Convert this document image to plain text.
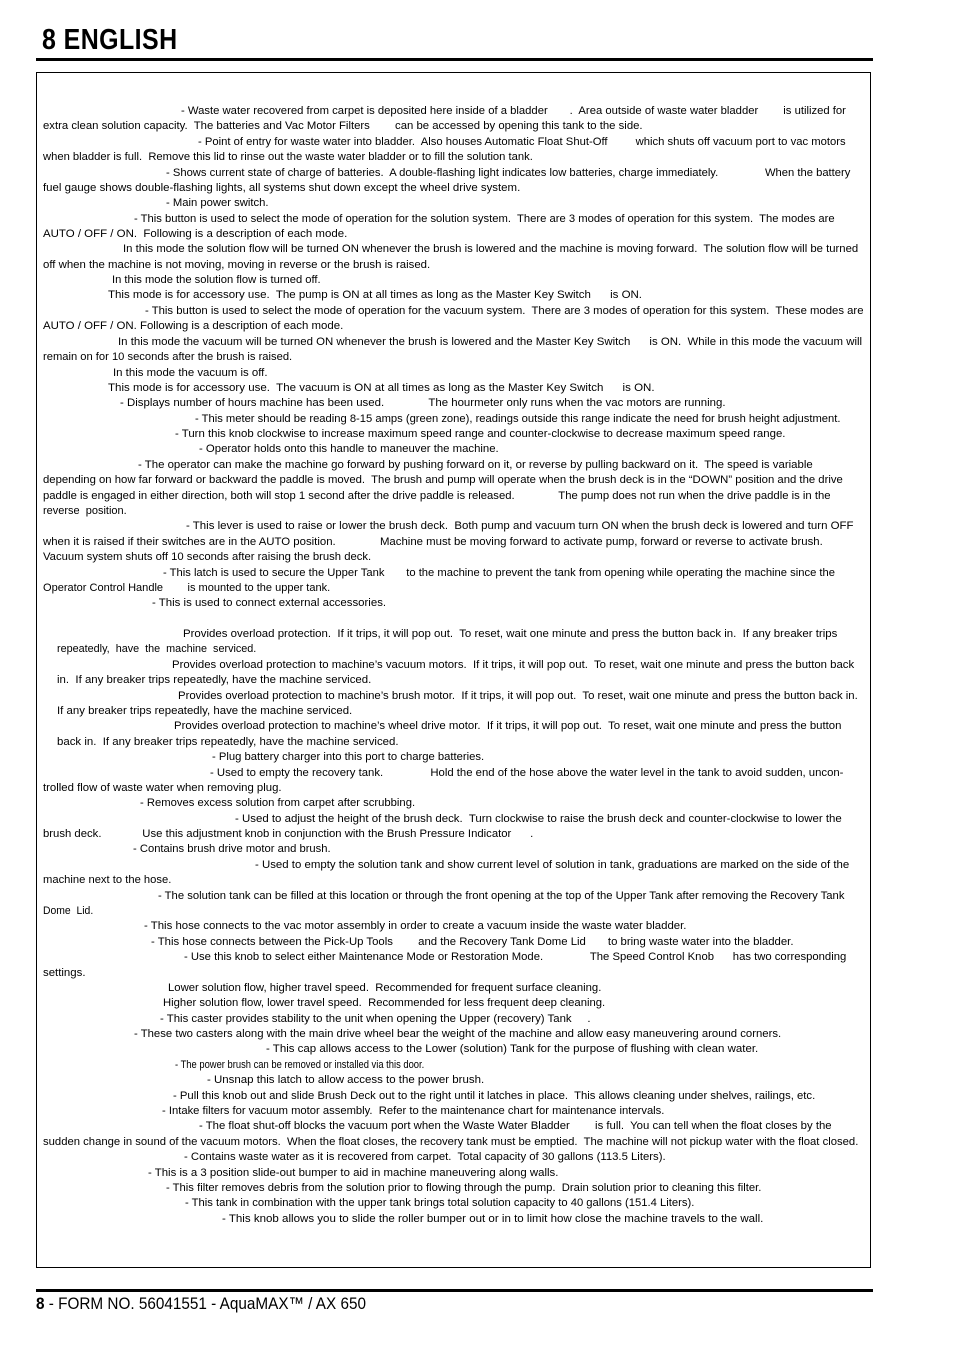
8 ENGLISH
- Waste water recovered from carpet is deposited here inside of a bladder       .  Area outside of waste water bladder        is utilized for
extra clean solution capacity.  The batteries and Vac Motor Filters        can be accessed by opening this tank to the side.
- Point of entry for waste water into bladder.  Also houses Automatic Float Shut-Off         which shuts off vacuum port to vac motors
when bladder is full.  Remove this lid to rinse out the waste water bladder or to fill the solution tank.
- Shows current state of charge of batteries.  A double-flashing light indicates low batteries, charge immediately.               When the battery
fuel gauge shows double-flashing lights, all systems shut down except the wheel drive system.
- Main power switch.
- This button is used to select the mode of operation for the solution system.  There are 3 modes of operation for this system.  The modes are
AUTO / OFF / ON.  Following is a description of each mode.
In this mode the solution flow will be turned ON whenever the brush is lowered and the machine is moving forward.  The solution flow will be turned
off when the machine is not moving, moving in reverse or the brush is raised.
In this mode the solution flow is turned off.
This mode is for accessory use.  The pump is ON at all times as long as the Master Key Switch      is ON.
- This button is used to select the mode of operation for the vacuum system.  There are 3 modes of operation for this system.  These modes are
AUTO / OFF / ON. Following is a description of each mode.
In this mode the vacuum will be turned ON whenever the brush is lowered and the Master Key Switch      is ON.  While in this mode the vacuum will
remain on for 10 seconds after the brush is raised.
In this mode the vacuum is off.
This mode is for accessory use.  The vacuum is ON at all times as long as the Master Key Switch      is ON.
- Displays number of hours machine has been used.              The hourmeter only runs when the vac motors are running.
- This meter should be reading 8-15 amps (green zone), readings outside this range indicate the need for brush height adjustment.
- Turn this knob clockwise to increase maximum speed range and counter-clockwise to decrease maximum speed range.
- Operator holds onto this handle to maneuver the machine.
- The operator can make the machine go forward by pushing forward on it, or reverse by pulling backward on it.  The speed is variable
depending on how far forward or backward the paddle is moved.  The brush and pump will operate when the brush deck is in the “DOWN” position and the drive
paddle is engaged in either direction, both will stop 1 second after the drive paddle is released.              The pump does not run when the drive paddle is in the
reverse  position.
- This lever is used to raise or lower the brush deck.  Both pump and vacuum turn ON when the brush deck is lowered and turn OFF
when it is raised if their switches are in the AUTO position.              Machine must be moving forward to activate pump, forward or reverse to activate brush.
Vacuum system shuts off 10 seconds after raising the brush deck.
- This latch is used to secure the Upper Tank       to the machine to prevent the tank from opening while operating the machine since the
Operator Control Handle        is mounted to the upper tank.
- This is used to connect external accessories.
Provides overload protection.  If it trips, it will pop out.  To reset, wait one minute and press the button back in.  If any breaker trips
repeatedly,  have  the  machine  serviced.
Provides overload protection to machine’s vacuum motors.  If it trips, it will pop out.  To reset, wait one minute and press the button back
in.  If any breaker trips repeatedly, have the machine serviced.
Provides overload protection to machine’s brush motor.  If it trips, it will pop out.  To reset, wait one minute and press the button back in.
If any breaker trips repeatedly, have the machine serviced.
Provides overload protection to machine’s wheel drive motor.  If it trips, it will pop out.  To reset, wait one minute and press the button
back in.  If any breaker trips repeatedly, have the machine serviced.
- Plug battery charger into this port to charge batteries.
- Used to empty the recovery tank.               Hold the end of the hose above the water level in the tank to avoid sudden, uncon-
trolled flow of waste water when removing plug.
- Removes excess solution from carpet after scrubbing.
- Used to adjust the height of the brush deck.  Turn clockwise to raise the brush deck and counter-clockwise to lower the
brush deck.             Use this adjustment knob in conjunction with the Brush Pressure Indicator      .
- Contains brush drive motor and brush.
- Used to empty the solution tank and show current level of solution in tank, graduations are marked on the side of the
machine next to the hose.
- The solution tank can be filled at this location or through the front opening at the top of the Upper Tank after removing the Recovery Tank
Dome  Lid.
- This hose connects to the vac motor assembly in order to create a vacuum inside the waste water bladder.
- This hose connects between the Pick-Up Tools        and the Recovery Tank Dome Lid       to bring waste water into the bladder.
- Use this knob to select either Maintenance Mode or Restoration Mode.               The Speed Control Knob      has two corresponding
settings.
Lower solution flow, higher travel speed.  Recommended for frequent surface cleaning.
Higher solution flow, lower travel speed.  Recommended for less frequent deep cleaning.
- This caster provides stability to the unit when opening the Upper (recovery) Tank     .
- These two casters along with the main drive wheel bear the weight of the machine and allow easy maneuvering around corners.
- This cap allows access to the Lower (solution) Tank for the purpose of flushing with clean water.
- The power brush can be removed or installed via this door.
- Unsnap this latch to allow access to the power brush.
- Pull this knob out and slide Brush Deck out to the right until it latches in place.  This allows cleaning under shelves, railings, etc.
- Intake filters for vacuum motor assembly.  Refer to the maintenance chart for maintenance intervals.
- The float shut-off blocks the vacuum port when the Waste Water Bladder        is full.  You can tell when the float closes by the
sudden change in sound of the vacuum motors.  When the float closes, the recovery tank must be emptied.  The machine will not pickup water with the float closed.
- Contains waste water as it is recovered from carpet.  Total capacity of 30 gallons (113.5 Liters).
- This is a 3 position slide-out bumper to aid in machine maneuvering along walls.
- This filter removes debris from the solution prior to flowing through the pump.  Drain solution prior to cleaning this filter.
- This tank in combination with the upper tank brings total solution capacity to 40 gallons (151.4 Liters).
- This knob allows you to slide the roller bumper out or in to limit how close the machine travels to the wall.
8 - FORM NO. 56041551 - AquaMAX™ / AX 650
